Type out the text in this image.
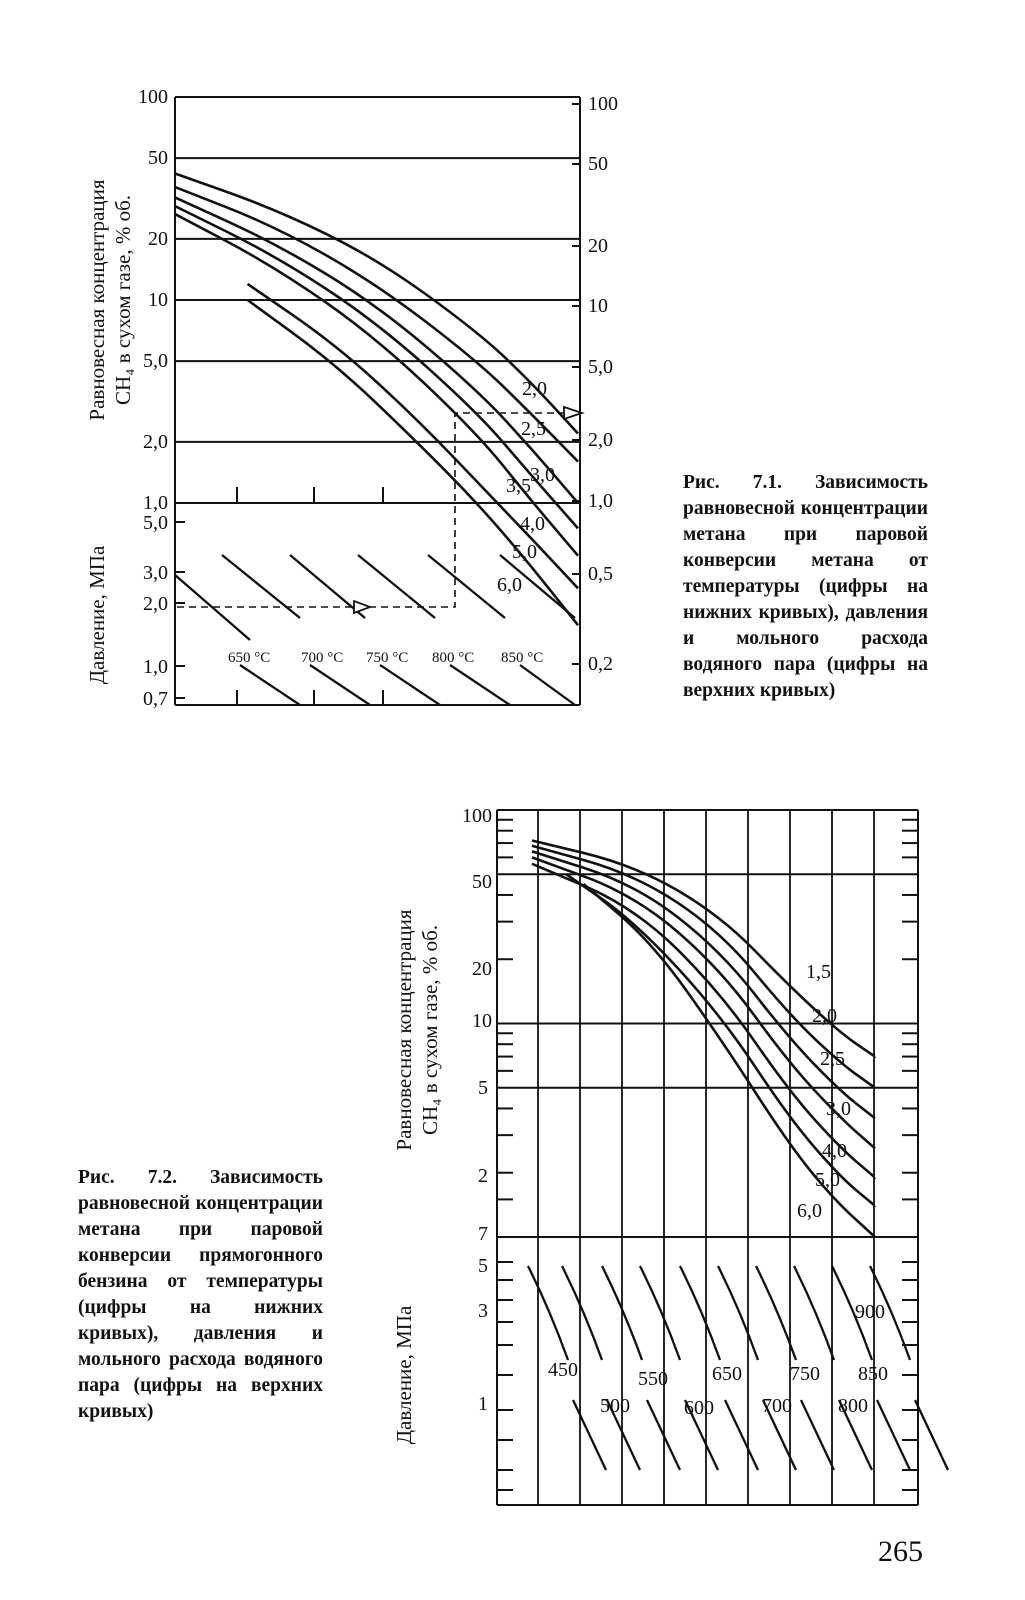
100
50
20
10
5,0
2,0
1,0
100
50
20
10
5,0
2,0
1,0
0,5
0,2
5,0
3,0
2,0
1,0
0,7
2,0
2,5
3,0
3,5
4,0
5,0
6,0
650 °C 700 °C 750 °C 800 °C 850 °C
Равновесная концентрация CH₄ в сухом газе, % об.
Давление, МПа
100
50
20
10
5
2
7
5
3
1
1,5
2,0
2,5
3,0
4,0
5,0
6,0
450
500
550
600
650
700
750
800
850
900
Равновесная концентрация CH₄ в сухом газе, % об.
Давление, МПа
Рис. 7.1. Зависимость равновесной концентрации метана при паровой конверсии метана от температуры (цифры на нижних кривых), давления и мольного расхода водяного пара (цифры на верхних кривых)
Рис. 7.2. Зависимость равновесной концентрации метана при паровой конверсии прямогонного бензина от температуры (цифры на нижних кривых), давления и мольного расхода водяного пара (цифры на верхних кривых)
265
